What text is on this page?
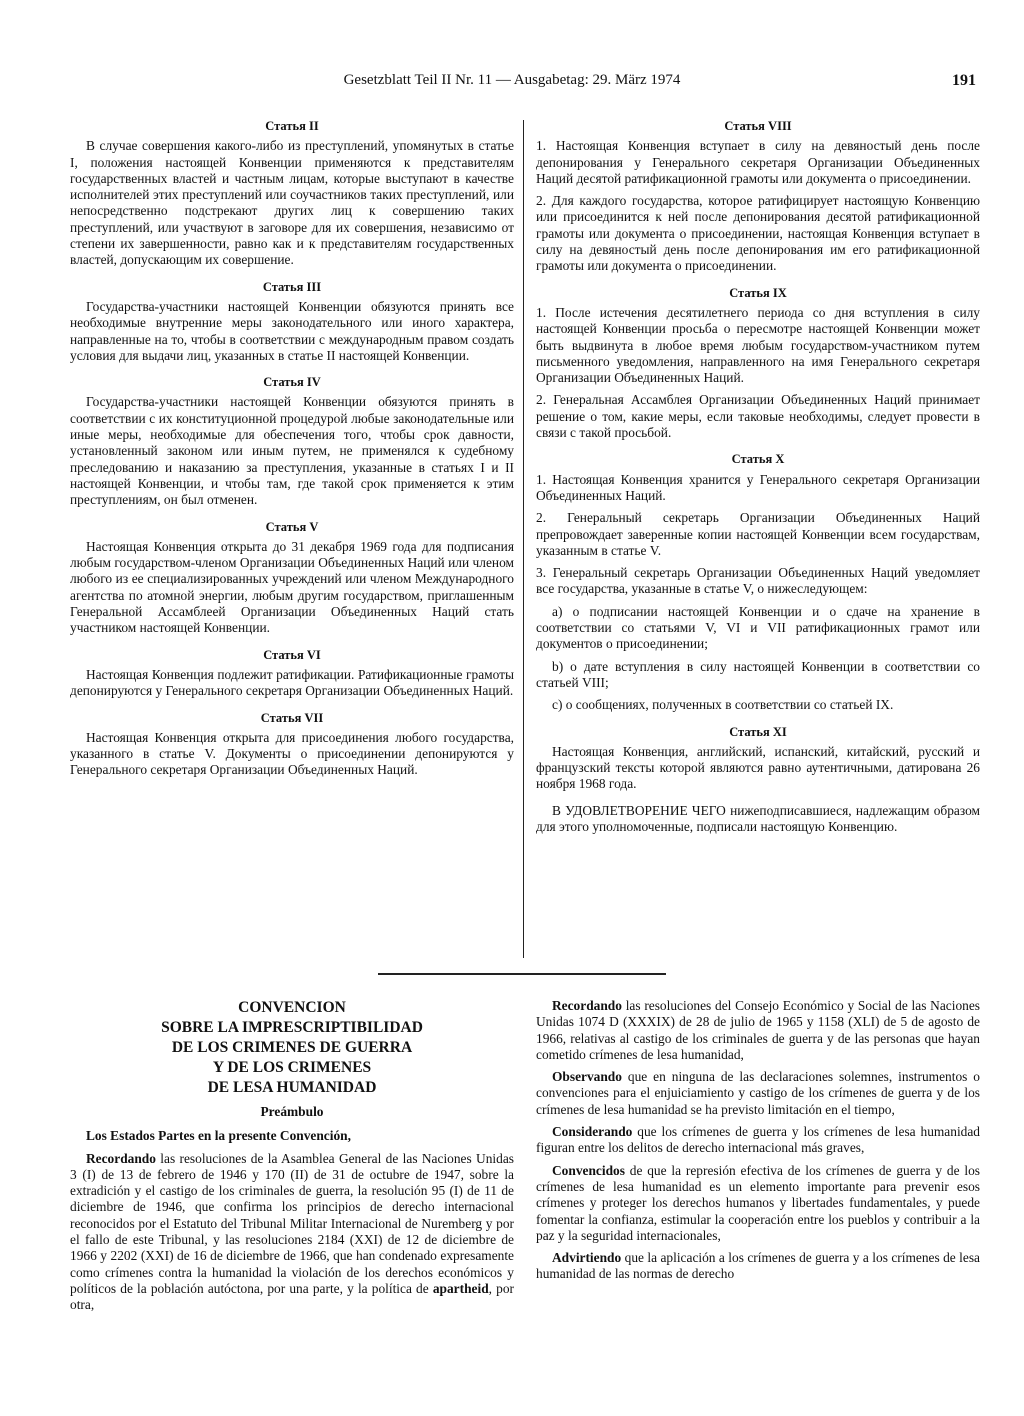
Gesetzblatt Teil II Nr. 11 — Ausgabetag: 29. März 1974	191
Статья II

В случае совершения какого-либо из преступлений, упомянутых в статье I, положения настоящей Конвенции применяются к представителям государственных властей и частным лицам, которые выступают в качестве исполнителей этих преступлений или соучастников таких преступлений, или непосредственно подстрекают других лиц к совершению таких преступлений, или участвуют в заговоре для их совершения, независимо от степени их завершенности, равно как и к представителям государственных властей, допускающим их совершение.

Статья III

Государства-участники настоящей Конвенции обязуются принять все необходимые внутренние меры законодательного или иного характера, направленные на то, чтобы в соответствии с международным правом создать условия для выдачи лиц, указанных в статье II настоящей Конвенции.

Статья IV

Государства-участники настоящей Конвенции обязуются принять в соответствии с их конституционной процедурой любые законодательные или иные меры, необходимые для обеспечения того, чтобы срок давности, установленный законом или иным путем, не применялся к судебному преследованию и наказанию за преступления, указанные в статьях I и II настоящей Конвенции, и чтобы там, где такой срок применяется к этим преступлениям, он был отменен.

Статья V

Настоящая Конвенция открыта до 31 декабря 1969 года для подписания любым государством-членом Организации Объединенных Наций или членом любого из ее специализированных учреждений или членом Международного агентства по атомной энергии, любым другим государством, приглашенным Генеральной Ассамблеей Организации Объединенных Наций стать участником настоящей Конвенции.

Статья VI

Настоящая Конвенция подлежит ратификации. Ратификационные грамоты депонируются у Генерального секретаря Организации Объединенных Наций.

Статья VII

Настоящая Конвенция открыта для присоединения любого государства, указанного в статье V. Документы о присоединении депонируются у Генерального секретаря Организации Объединенных Наций.

Статья VIII

1. Настоящая Конвенция вступает в силу на девяностый день после депонирования у Генерального секретаря Организации Объединенных Наций десятой ратификационной грамоты или документа о присоединении.

2. Для каждого государства, которое ратифицирует настоящую Конвенцию или присоединится к ней после депонирования десятой ратификационной грамоты или документа о присоединении, настоящая Конвенция вступает в силу на девяностый день после депонирования им его ратификационной грамоты или документа о присоединении.

Статья IX

1. После истечения десятилетнего периода со дня вступления в силу настоящей Конвенции просьба о пересмотре настоящей Конвенции может быть выдвинута в любое время любым государством-участником путем письменного уведомления, направленного на имя Генерального секретаря Организации Объединенных Наций.

2. Генеральная Ассамблея Организации Объединенных Наций принимает решение о том, какие меры, если таковые необходимы, следует провести в связи с такой просьбой.

Статья X

1. Настоящая Конвенция хранится у Генерального секретаря Организации Объединенных Наций.

2. Генеральный секретарь Организации Объединенных Наций препровождает заверенные копии настоящей Конвенции всем государствам, указанным в статье V.

3. Генеральный секретарь Организации Объединенных Наций уведомляет все государства, указанные в статье V, о нижеследующем:

a) о подписании настоящей Конвенции и о сдаче на хранение в соответствии со статьями V, VI и VII ратификационных грамот или документов о присоединении;

b) о дате вступления в силу настоящей Конвенции в соответствии со статьей VIII;

c) о сообщениях, полученных в соответствии со статьей IX.

Статья XI

Настоящая Конвенция, английский, испанский, китайский, русский и французский тексты которой являются равно аутентичными, датирована 26 ноября 1968 года.

В УДОВЛЕТВОРЕНИЕ ЧЕГО нижеподписавшиеся, надлежащим образом для этого уполномоченные, подписали настоящую Конвенцию.

CONVENCION
SOBRE LA IMPRESCRIPTIBILIDAD
DE LOS CRIMENES DE GUERRA
Y DE LOS CRIMENES
DE LESA HUMANIDAD
Preámbulo
Los Estados Partes en la presente Convención,

Recordando las resoluciones de la Asamblea General de las Naciones Unidas 3 (I) de 13 de febrero de 1946 y 170 (II) de 31 de octubre de 1947, sobre la extradición y el castigo de los criminales de guerra, la resolución 95 (I) de 11 de diciembre de 1946, que confirma los principios de derecho internacional reconocidos por el Estatuto del Tribunal Militar Internacional de Nuremberg y por el fallo de este Tribunal, y las resoluciones 2184 (XXI) de 12 de diciembre de 1966 y 2202 (XXI) de 16 de diciembre de 1966, que han condenado expresamente como crímenes contra la humanidad la violación de los derechos económicos y políticos de la población autóctona, por una parte, y la política de apartheid, por otra,

Recordando las resoluciones del Consejo Económico y Social de las Naciones Unidas 1074 D (XXXIX) de 28 de julio de 1965 y 1158 (XLI) de 5 de agosto de 1966, relativas al castigo de los criminales de guerra y de las personas que hayan cometido crímenes de lesa humanidad,

Observando que en ninguna de las declaraciones solemnes, instrumentos o convenciones para el enjuiciamiento y castigo de los crímenes de guerra y de los crímenes de lesa humanidad se ha previsto limitación en el tiempo,

Considerando que los crímenes de guerra y los crímenes de lesa humanidad figuran entre los delitos de derecho internacional más graves,

Convencidos de que la represión efectiva de los crímenes de guerra y de los crímenes de lesa humanidad es un elemento importante para prevenir esos crímenes y proteger los derechos humanos y libertades fundamentales, y puede fomentar la confianza, estimular la cooperación entre los pueblos y contribuir a la paz y la seguridad internacionales,

Advirtiendo que la aplicación a los crímenes de guerra y a los crímenes de lesa humanidad de las normas de derecho
